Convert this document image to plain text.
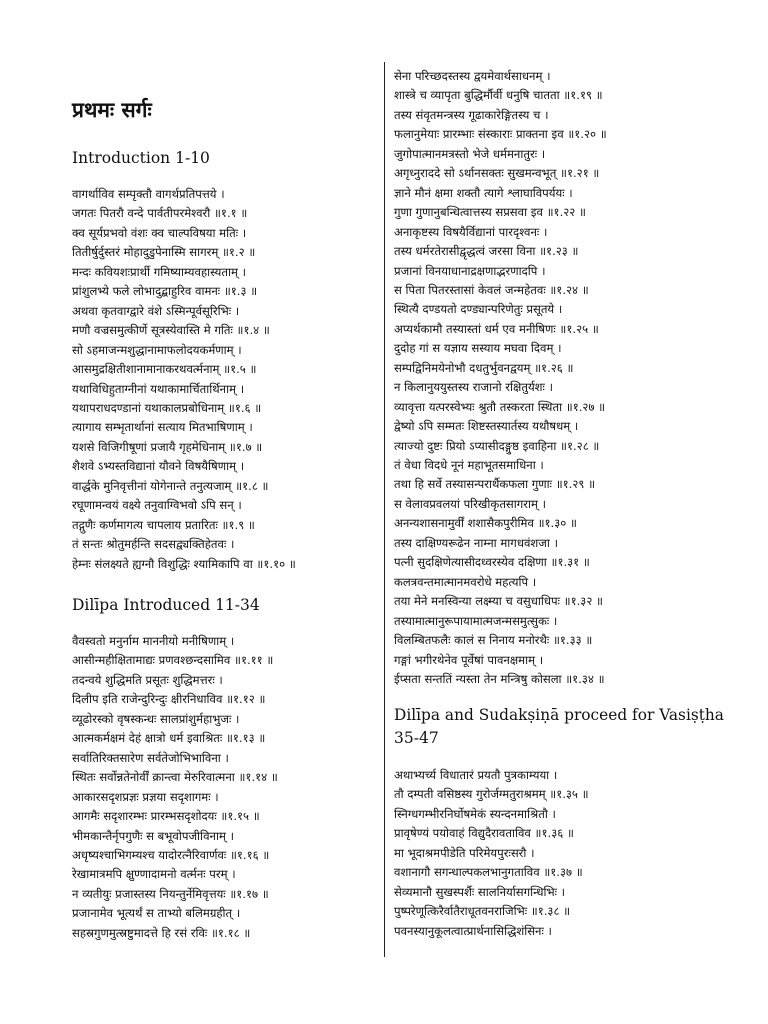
प्रथमः सर्गः
Introduction 1-10
वागर्थाविव सम्पृक्तौ वागर्थप्रतिपत्तये ।
जगतः पितरौ वन्दे पार्वतीपरमेश्वरौ ॥१.१ ॥
क्व सूर्यप्रभवो वंशः क्व चाल्पविषया मतिः ।
तितीर्षुर्दुस्तरं मोहादुडुपेनास्मि सागरम् ॥१.२ ॥
मन्दः कवियशःप्रार्थी गमिष्याम्यवहास्यताम् ।
प्रांशुलभ्ये फले लोभादुद्बाहुरिव वामनः ॥१.३ ॥
अथवा कृतवाग्द्वारे वंशे ऽस्मिन्पूर्वसूरिभिः ।
मणौ वज्रसमुत्कीर्णे सूत्रस्येवास्ति मे गतिः ॥१.४ ॥
सो ऽहमाजन्मशुद्धानामाफलोदयकर्मणाम् ।
आसमुद्रक्षितीशानामानाकरथवर्त्मनाम् ॥१.५ ॥
यथाविधिहुताग्नीनां यथाकामार्चितार्थिनाम् ।
यथापराधदण्डानां यथाकालप्रबोधिनाम् ॥१.६ ॥
त्यागाय सम्भृतार्थानां सत्याय मितभाषिणाम् ।
यशसे विजिगीषूणां प्रजायै गृहमेधिनाम् ॥१.७ ॥
शैशवे ऽभ्यस्तविद्यानां यौवने विषयैषिणाम् ।
वार्द्धके मुनिवृत्तीनां योगेनान्ते तनुत्यजाम् ॥१.८ ॥
रघूणामन्वयं वक्ष्ये तनुवाग्विभवो ऽपि सन् ।
तद्गुणैः कर्णमागत्य चापलाय प्रतारितः ॥१.९ ॥
तं सन्तः श्रोतुमर्हन्ति सदसद्व्यक्तिहेतवः ।
हेम्नः संलक्ष्यते ह्यग्नौ विशुद्धिः श्यामिकापि वा ॥१.१० ॥
Dilīpa Introduced 11-34
वैवस्वतो मनुर्नाम माननीयो मनीषिणाम् ।
आसीन्महीक्षितामाद्यः प्रणवश्छन्दसामिव ॥१.११ ॥
तदन्वये शुद्धिमति प्रसूतः शुद्धिमत्तरः ।
दिलीप इति राजेन्दुरिन्दुः क्षीरनिधाविव ॥१.१२ ॥
व्यूढोरस्को वृषस्कन्धः सालप्रांशुर्महाभुजः ।
आत्मकर्मक्षमं देहं क्षात्रो धर्म इवाश्रितः ॥१.१३ ॥
सर्वातिरिक्तसारेण सर्वतेजोभिभाविना ।
स्थितः सर्वोन्नतेनोर्वीं क्रान्त्वा मेरुरिवात्मना ॥१.१४ ॥
आकारसदृशप्रज्ञः प्रज्ञया सदृशागमः ।
आगमैः सदृशारम्भः प्रारम्भसदृशोदयः ॥१.१५ ॥
भीमकान्तैर्नृपगुणैः स बभूवोपजीविनाम् ।
अधृष्यश्चाभिगम्यश्च यादोरत्नैरिवार्णवः ॥१.१६ ॥
रेखामात्रमपि क्षुण्णादामनो वर्त्मनः परम् ।
न व्यतीयुः प्रजास्तस्य नियन्तुर्नेमिवृत्तयः ॥१.१७ ॥
प्रजानामेव भूत्यर्थं स ताभ्यो बलिमग्रहीत् ।
सहस्रगुणमुत्स्रष्टुमादत्ते हि रसं रविः ॥१.१८ ॥
सेना परिच्छदस्तस्य द्वयमेवार्थसाधनम् ।
शास्त्रे च व्यापृता बुद्धिर्मौर्वी धनुषि चातता ॥१.१९ ॥
तस्य संवृतमन्त्रस्य गूढाकारेङ्गितस्य च ।
फलानुमेयाः प्रारम्भाः संस्काराः प्राक्तना इव ॥१.२० ॥
जुगोपात्मानमत्रस्तो भेजे धर्ममनातुरः ।
अगृध्नुराददे सो ऽर्थानसक्तः सुखमन्वभूत् ॥१.२१ ॥
ज्ञाने मौनं क्षमा शक्तौ त्यागे श्लाघाविपर्ययः ।
गुणा गुणानुबन्धित्वात्तस्य सप्रसवा इव ॥१.२२ ॥
अनाकृष्टस्य विषयैर्विद्यानां पारदृश्वनः ।
तस्य धर्मरतेरासीद्वृद्धत्वं जरसा विना ॥१.२३ ॥
प्रजानां विनयाधानाद्रक्षणाद्भरणादपि ।
स पिता पितरस्तासां केवलं जन्महेतवः ॥१.२४ ॥
स्थित्यै दण्डयतो दण्ड्यान्परिणेतुः प्रसूतये ।
अप्यर्थकामौ तस्यास्तां धर्म एव मनीषिणः ॥१.२५ ॥
दुदोह गां स यज्ञाय सस्याय मघवा दिवम् ।
सम्पद्विनिमयेनोभौ दधतुर्भुवनद्वयम् ॥१.२६ ॥
न किलानुययुस्तस्य राजानो रक्षितुर्यशः ।
व्यावृत्ता यत्परस्वेभ्यः श्रुतौ तस्करता स्थिता ॥१.२७ ॥
द्वेष्यो ऽपि सम्मतः शिष्टस्तस्यार्तस्य यथौषधम् ।
त्याज्यो दुष्टः प्रियो ऽप्यासीदङ्गुष्ठ इवाहिना ॥१.२८ ॥
तं वेधा विदधे नूनं महाभूतसमाधिना ।
तथा हि सर्वे तस्यासन्परार्थैकफला गुणाः ॥१.२९ ॥
स वेलावप्रवलयां परिखीकृतसागराम् ।
अनन्यशासनामुर्वीं शशासैकपुरीमिव ॥१.३० ॥
तस्य दाक्षिण्यरूढेन नाम्ना मागधवंशजा ।
पत्नी सुदक्षिणेत्यासीदध्वरस्येव दक्षिणा ॥१.३१ ॥
कलत्रवन्तमात्मानमवरोधे महत्यपि ।
तया मेने मनस्विन्या लक्ष्म्या च वसुधाधिपः ॥१.३२ ॥
तस्यामात्मानुरूपायामात्मजन्मसमुत्सुकः ।
विलम्बितफलैः कालं स निनाय मनोरथैः ॥१.३३ ॥
गङ्गां भगीरथेनेव पूर्वेषां पावनक्षमाम् ।
ईप्सता सन्ततिं न्यस्ता तेन मन्त्रिषु कोसला ॥१.३४ ॥
Dilīpa and Sudakṣiṇā proceed for Vasiṣṭha
35-47
अथाभ्यर्च्य विधातारं प्रयतौ पुत्रकाम्यया ।
तौ दम्पती वसिष्ठस्य गुरोर्जग्मतुराश्रमम् ॥१.३५ ॥
स्निग्धगम्भीरनिर्घोषमेकं स्यन्दनमाश्रितौ ।
प्रावृषेण्यं पयोवाहं विद्युदैरावताविव ॥१.३६ ॥
मा भूदाश्रमपीडेति परिमेयपुरःसरौ ।
वशानागौ सगन्धाल्पकलभानुगताविव ॥१.३७ ॥
सेव्यमानौ सुखस्पर्शैः सालनिर्यासगन्धिभिः ।
पुष्परेणूत्किरैर्वातैराधूतवनराजिभिः ॥१.३८ ॥
पवनस्यानुकूलत्वात्प्रार्थनासिद्धिशंसिनः ।
